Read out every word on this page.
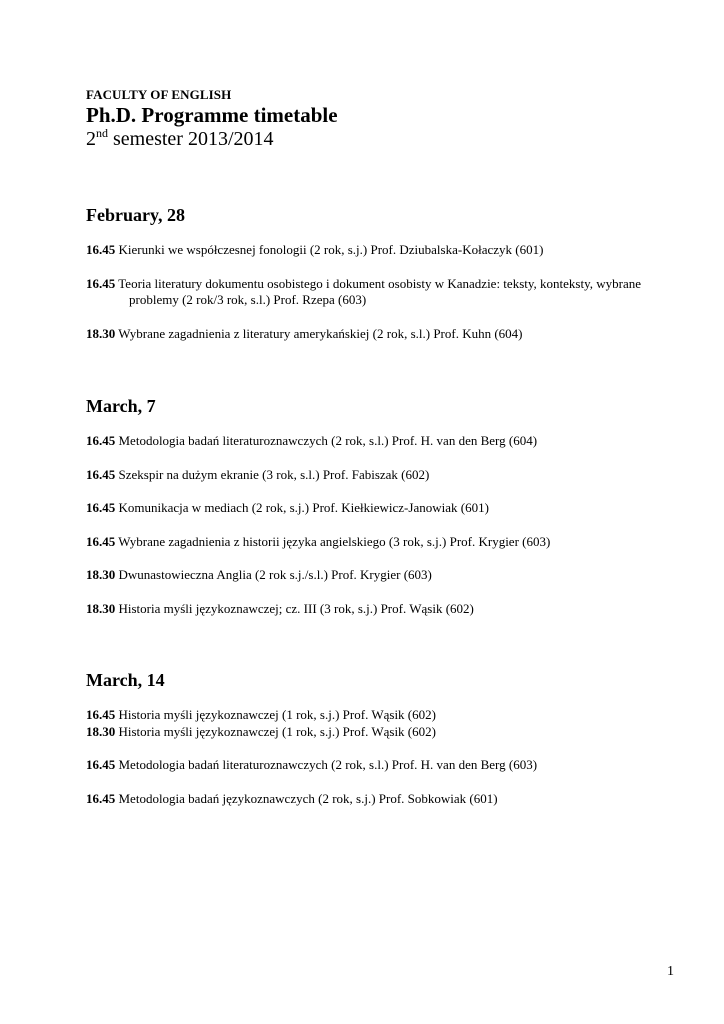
FACULTY OF ENGLISH
Ph.D. Programme timetable
2nd semester 2013/2014
February, 28

16.45 Kierunki we współczesnej fonologii (2 rok, s.j.) Prof. Dziubalska-Kołaczyk (601)

16.45 Teoria literatury dokumentu osobistego i dokument osobisty w Kanadzie: teksty, konteksty, wybrane problemy (2 rok/3 rok, s.l.) Prof. Rzepa (603)

18.30 Wybrane zagadnienia z literatury amerykańskiej (2 rok, s.l.) Prof. Kuhn (604)

March, 7

16.45 Metodologia badań literaturoznawczych (2 rok, s.l.) Prof. H. van den Berg (604)

16.45 Szekspir na dużym ekranie (3 rok, s.l.) Prof. Fabiszak (602)

16.45 Komunikacja w mediach (2 rok, s.j.) Prof. Kiełkiewicz-Janowiak (601)

16.45 Wybrane zagadnienia z historii języka angielskiego (3 rok, s.j.) Prof. Krygier (603)

18.30 Dwunastowieczna Anglia (2 rok s.j./s.l.) Prof. Krygier (603)

18.30 Historia myśli językoznawczej; cz. III (3 rok, s.j.) Prof. Wąsik (602)

March, 14

16.45 Historia myśli językoznawczej (1 rok, s.j.) Prof. Wąsik (602)

18.30 Historia myśli językoznawczej (1 rok, s.j.) Prof. Wąsik (602)

16.45 Metodologia badań literaturoznawczych (2 rok, s.l.) Prof. H. van den Berg (603)

16.45 Metodologia badań językoznawczych (2 rok, s.j.) Prof. Sobkowiak (601)

1
